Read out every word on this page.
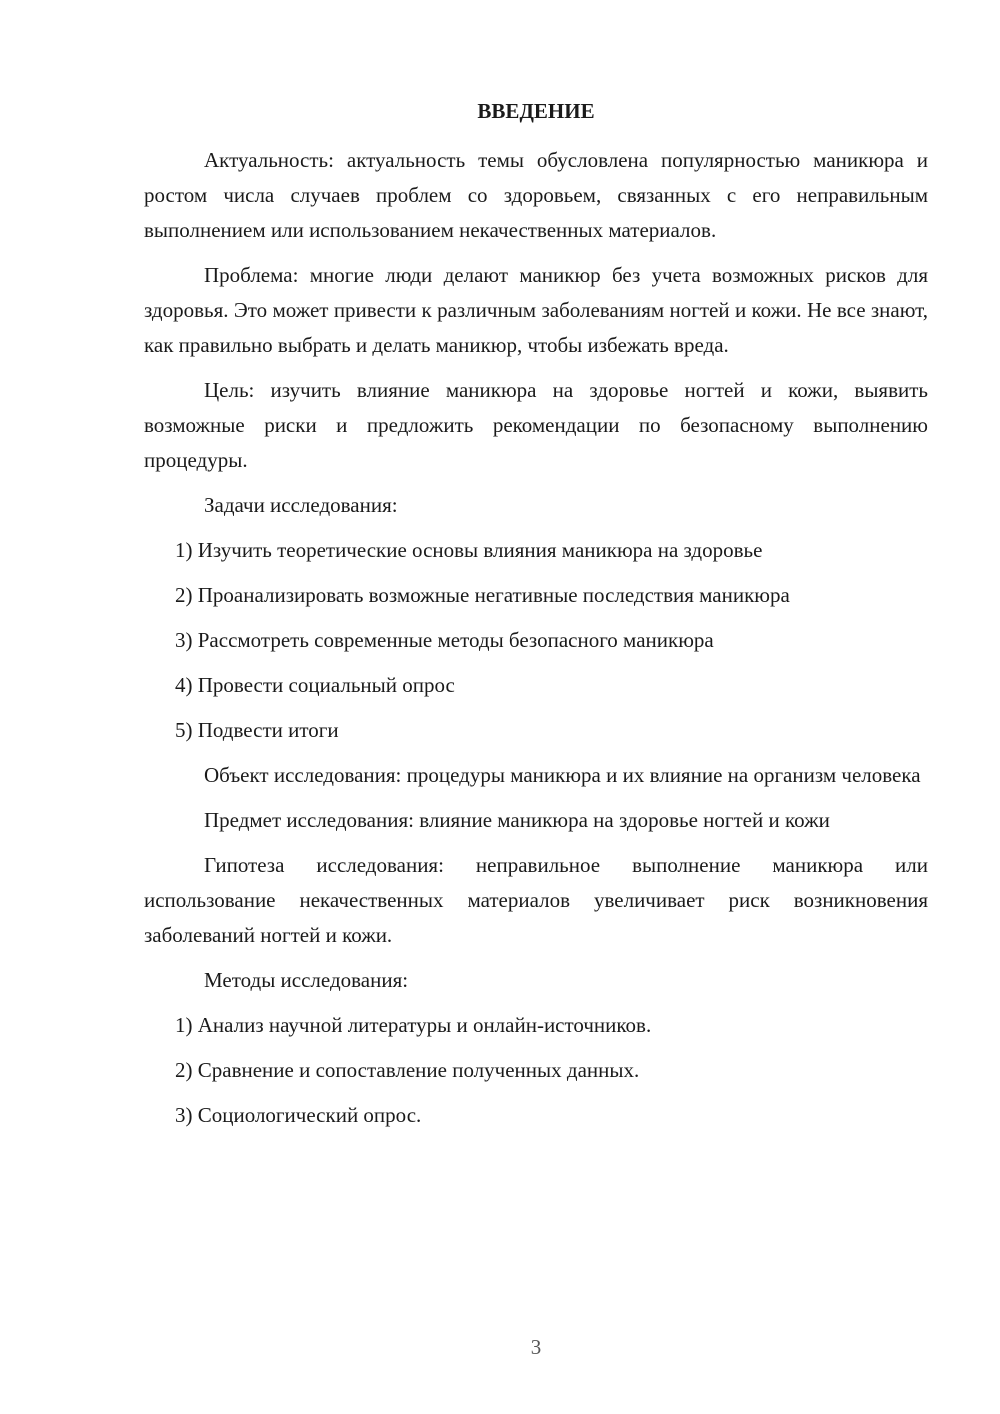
ВВЕДЕНИЕ

Актуальность: актуальность темы обусловлена популярностью маникюра и ростом числа случаев проблем со здоровьем, связанных с его неправильным выполнением или использованием некачественных материалов.

Проблема: многие люди делают маникюр без учета возможных рисков для здоровья. Это может привести к различным заболеваниям ногтей и кожи. Не все знают, как правильно выбрать и делать маникюр, чтобы избежать вреда.

Цель: изучить влияние маникюра на здоровье ногтей и кожи, выявить возможные риски и предложить рекомендации по безопасному выполнению процедуры.

Задачи исследования:
1) Изучить теоретические основы влияния маникюра на здоровье
2) Проанализировать возможные негативные последствия маникюра
3) Рассмотреть современные методы безопасного маникюра
4) Провести социальный опрос
5) Подвести итоги

Объект исследования: процедуры маникюра и их влияние на организм человека

Предмет исследования: влияние маникюра на здоровье ногтей и кожи

Гипотеза исследования: неправильное выполнение маникюра или использование некачественных материалов увеличивает риск возникновения заболеваний ногтей и кожи.

Методы исследования:
1) Анализ научной литературы и онлайн-источников.
2) Сравнение и сопоставление полученных данных.
3) Социологический опрос.
3
